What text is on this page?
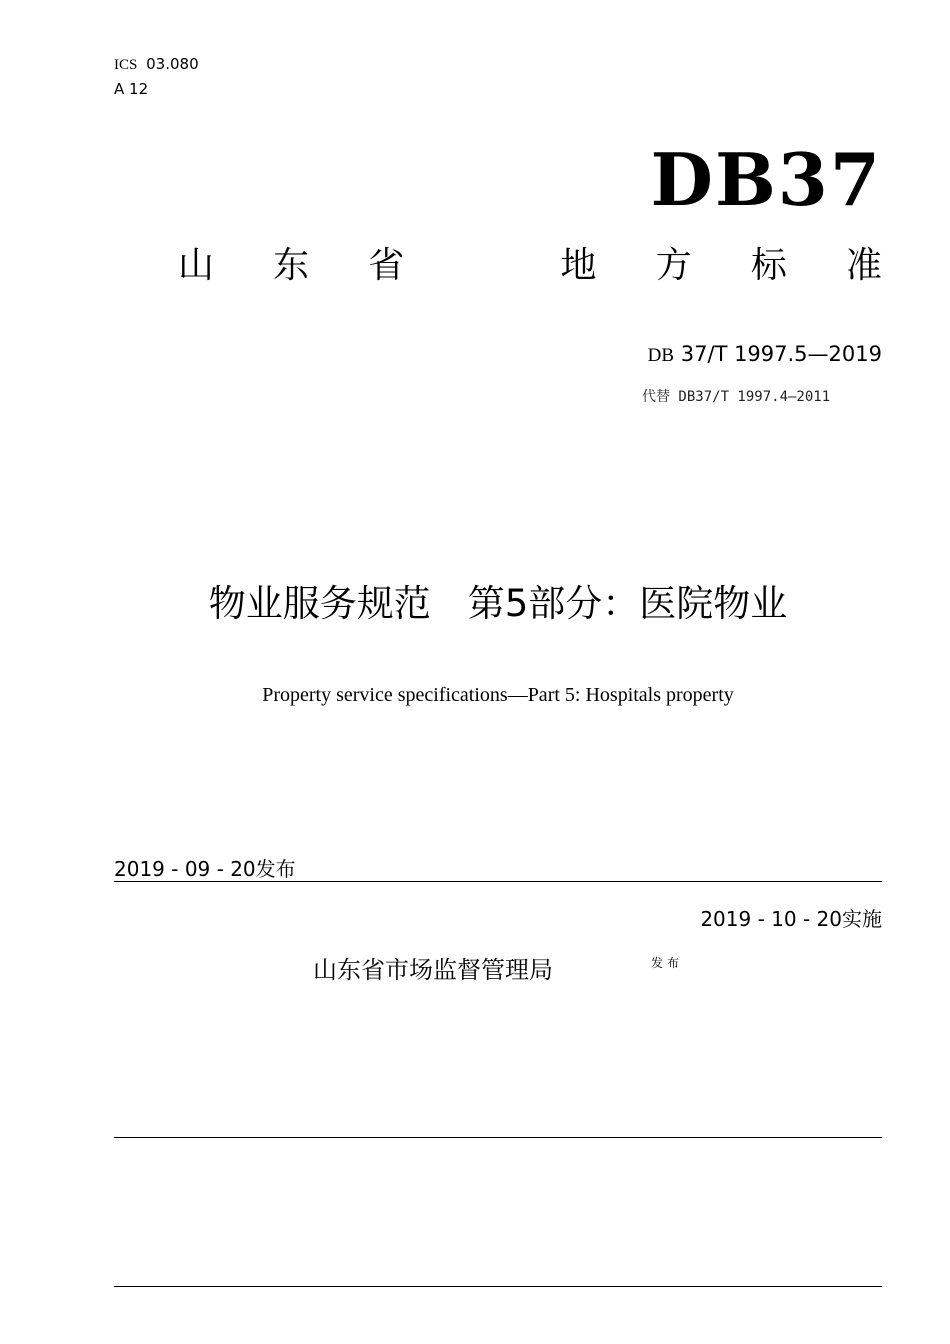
ICS 03.080
A 12
DB37
山 东 省	地 方 标 准
DB 37/T 1997.5—2019
代替 DB37/T 1997.4—2011
物业服务规范　第5部分：医院物业
Property service specifications—Part 5: Hospitals property
2019 - 09 - 20发布
2019 - 10 - 20实施
山东省市场监督管理局	发布
